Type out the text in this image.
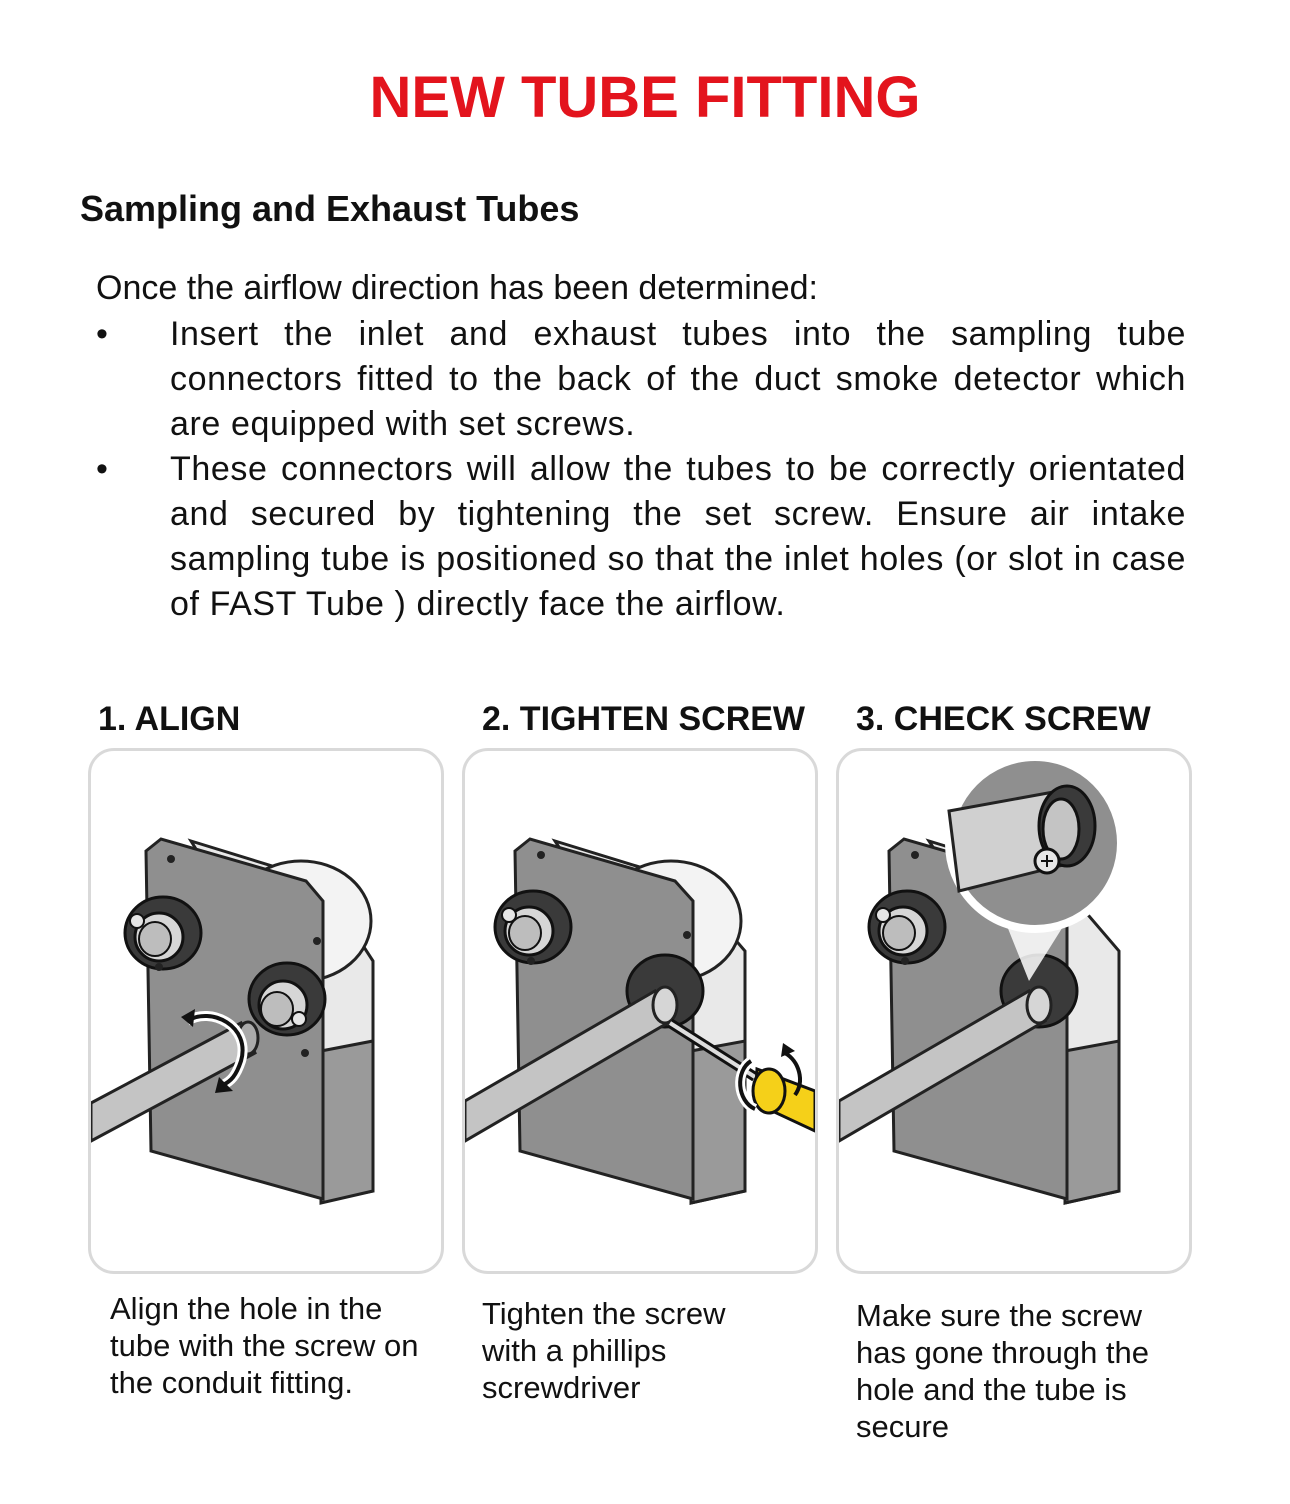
NEW TUBE FITTING
Sampling and Exhaust Tubes
Once the airflow direction has been determined:
• Insert the inlet and exhaust tubes into the sampling tube connectors fitted to the back of the duct smoke detector which are equipped with set screws.
• These connectors will allow the tubes to be correctly orientated and secured by tightening the set screw. Ensure air intake sampling tube is positioned so that the inlet holes (or slot in case of FAST Tube ) directly face the airflow.
1. ALIGN	2. TIGHTEN SCREW 3. CHECK SCREW
Align the hole in the tube with the screw on the conduit fitting.
Tighten the screw with a phillips screwdriver
Make sure the screw has gone through the hole and the tube is secure
